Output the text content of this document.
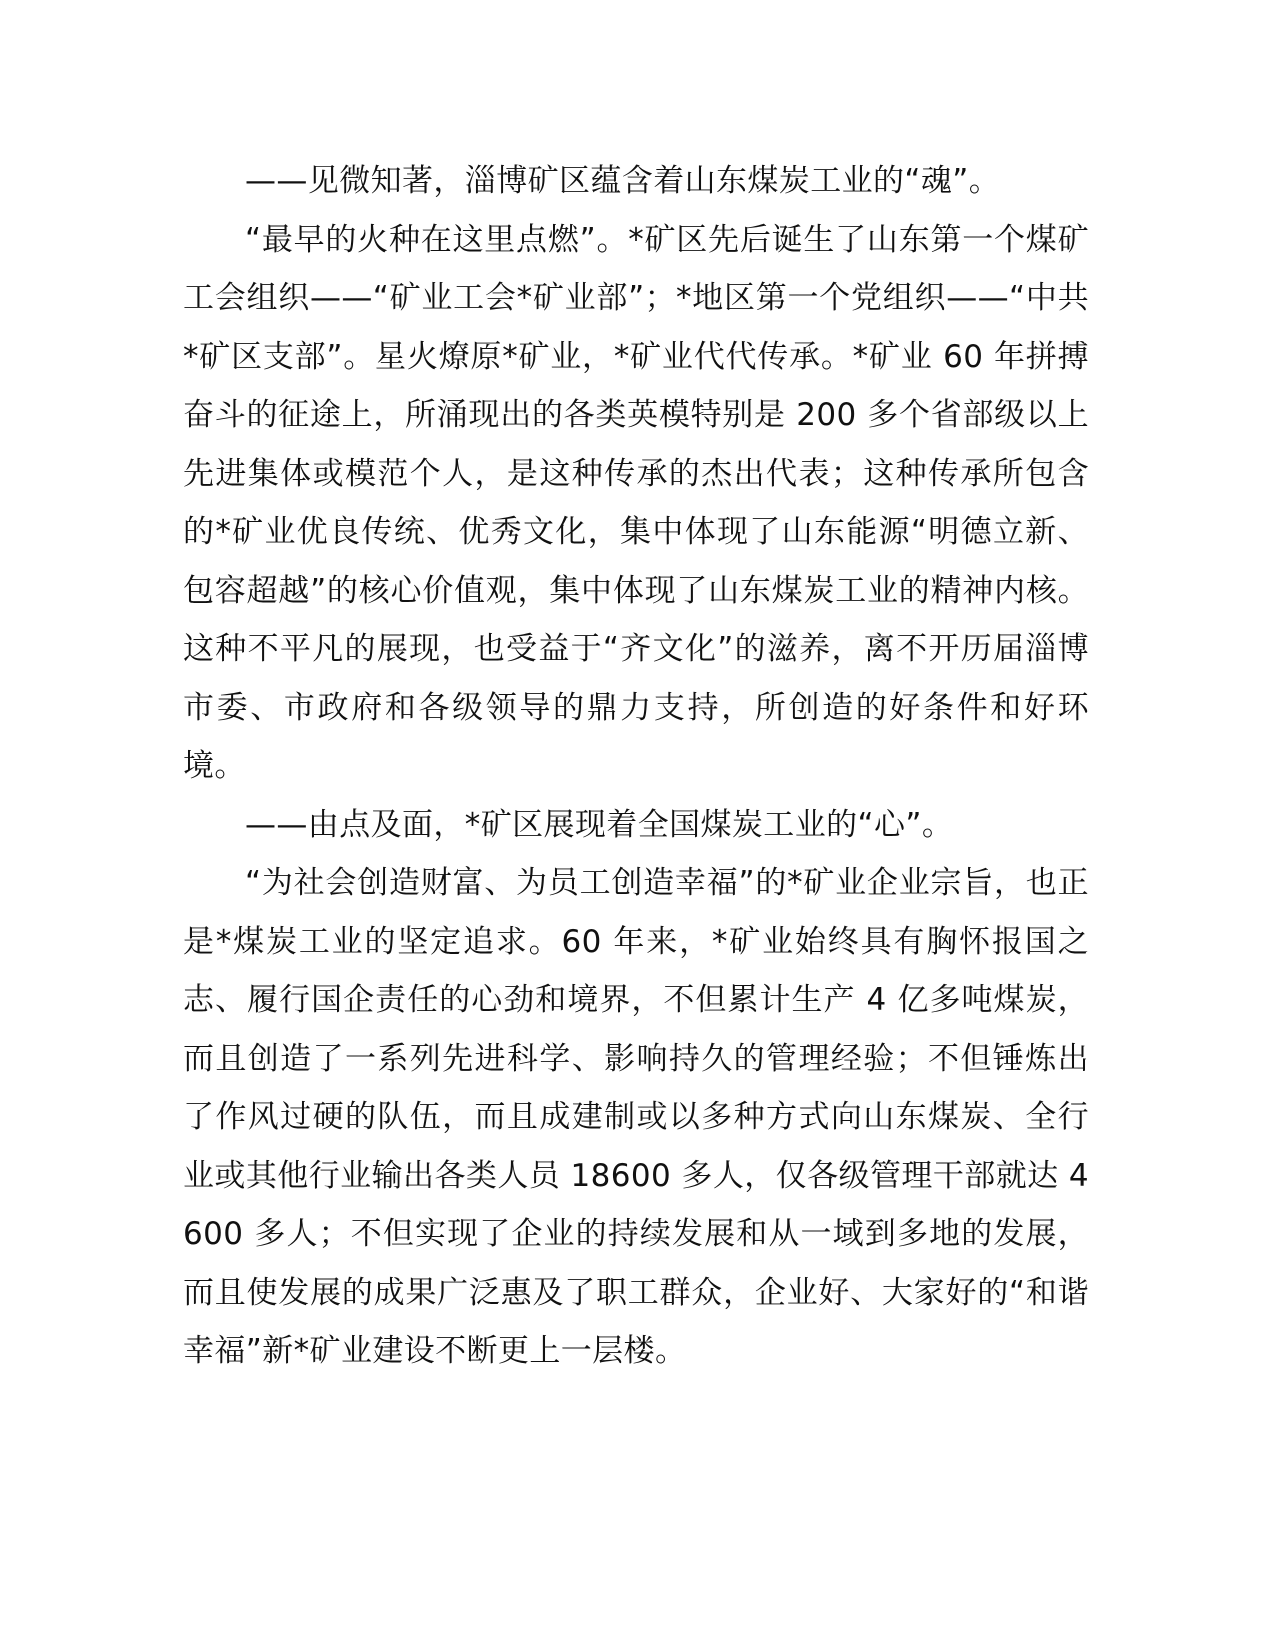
——见微知著，淄博矿区蕴含着山东煤炭工业的“魂”。

“最早的火种在这里点燃”。*矿区先后诞生了山东第一个煤矿工会组织——“矿业工会*矿业部”；*地区第一个党组织——“中共*矿区支部”。星火燎原*矿业，*矿业代代传承。*矿业 60 年拼搏奋斗的征途上，所涌现出的各类英模特别是 200 多个省部级以上先进集体或模范个人，是这种传承的杰出代表；这种传承所包含的*矿业优良传统、优秀文化，集中体现了山东能源“明德立新、包容超越”的核心价值观，集中体现了山东煤炭工业的精神内核。这种不平凡的展现，也受益于“齐文化”的滋养，离不开历届淄博市委、市政府和各级领导的鼎力支持，所创造的好条件和好环境。

——由点及面，*矿区展现着全国煤炭工业的“心”。

“为社会创造财富、为员工创造幸福”的*矿业企业宗旨，也正是*煤炭工业的坚定追求。60 年来，*矿业始终具有胸怀报国之志、履行国企责任的心劲和境界，不但累计生产 4 亿多吨煤炭，而且创造了一系列先进科学、影响持久的管理经验；不但锤炼出了作风过硬的队伍，而且成建制或以多种方式向山东煤炭、全行业或其他行业输出各类人员 18600 多人，仅各级管理干部就达 4600 多人；不但实现了企业的持续发展和从一域到多地的发展，而且使发展的成果广泛惠及了职工群众，企业好、大家好的“和谐幸福”新*矿业建设不断更上一层楼。
